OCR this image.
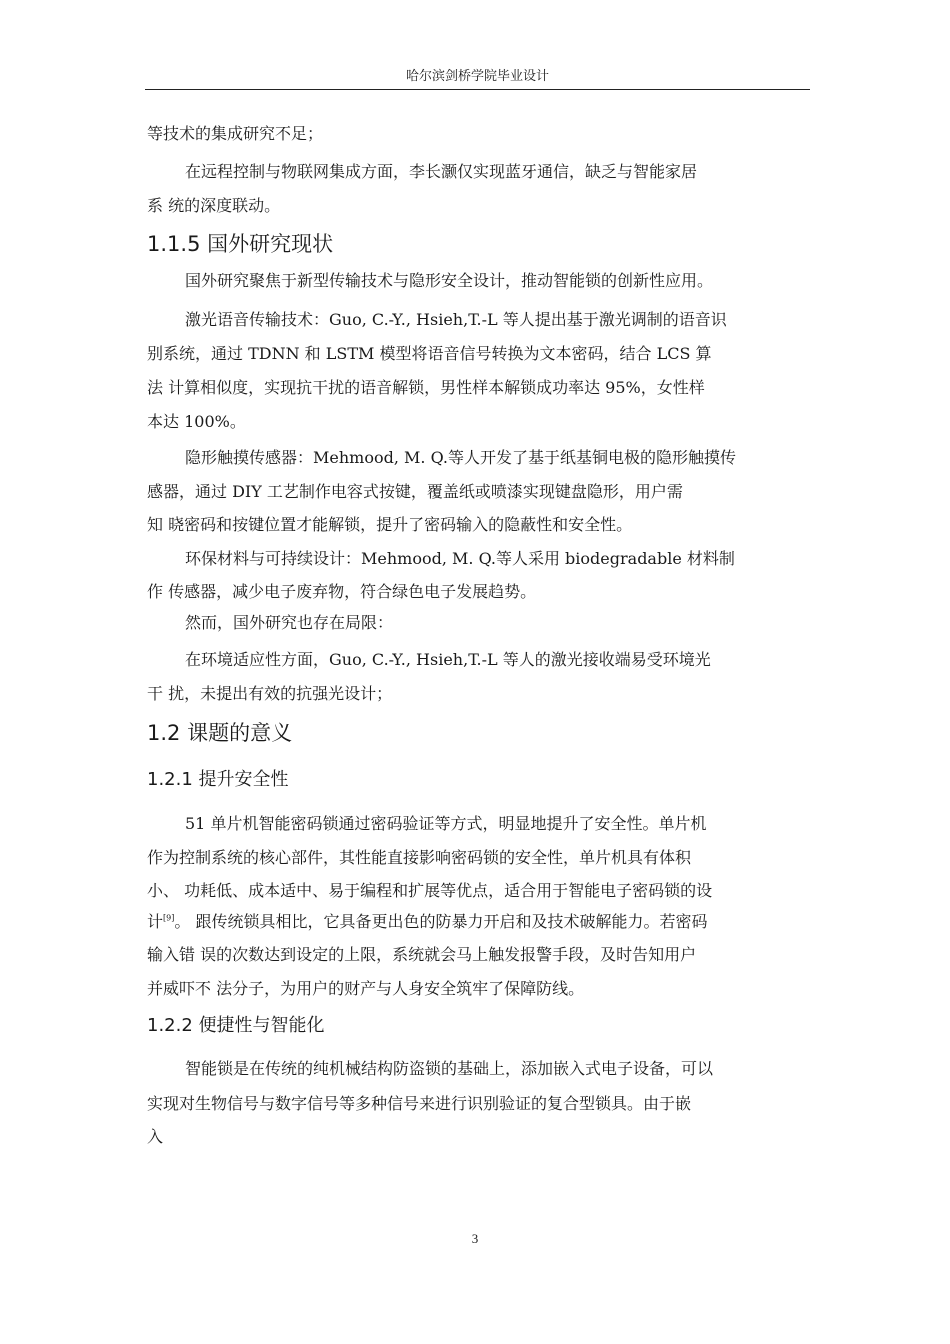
哈尔滨剑桥学院毕业设计
等技术的集成研究不足；
在远程控制与物联网集成方面，李长灏仅实现蓝牙通信，缺乏与智能家居
系 统的深度联动。
1.1.5 国外研究现状
国外研究聚焦于新型传输技术与隐形安全设计，推动智能锁的创新性应用。
激光语音传输技术：Guo, C.-Y., Hsieh,T.-L 等人提出基于激光调制的语音识
别系统，通过 TDNN 和 LSTM 模型将语音信号转换为文本密码，结合 LCS 算
法 计算相似度，实现抗干扰的语音解锁，男性样本解锁成功率达 95%，女性样
本达 100%。
隐形触摸传感器：Mehmood, M. Q.等人开发了基于纸基铜电极的隐形触摸传
感器，通过 DIY 工艺制作电容式按键，覆盖纸或喷漆实现键盘隐形，用户需
知 晓密码和按键位置才能解锁，提升了密码输入的隐蔽性和安全性。
环保材料与可持续设计：Mehmood, M. Q.等人采用 biodegradable 材料制
作 传感器，减少电子废弃物，符合绿色电子发展趋势。
然而，国外研究也存在局限：
在环境适应性方面，Guo, C.-Y., Hsieh,T.-L 等人的激光接收端易受环境光
干 扰，未提出有效的抗强光设计；
1.2 课题的意义
1.2.1 提升安全性
51 单片机智能密码锁通过密码验证等方式，明显地提升了安全性。单片机
作为控制系统的核心部件，其性能直接影响密码锁的安全性，单片机具有体积
小、 功耗低、成本适中、易于编程和扩展等优点，适合用于智能电子密码锁的设
计[9]。 跟传统锁具相比，它具备更出色的防暴力开启和及技术破解能力。若密码
输入错 误的次数达到设定的上限，系统就会马上触发报警手段，及时告知用户
并威吓不 法分子，为用户的财产与人身安全筑牢了保障防线。
1.2.2 便捷性与智能化
智能锁是在传统的纯机械结构防盗锁的基础上，添加嵌入式电子设备，可以
实现对生物信号与数字信号等多种信号来进行识别验证的复合型锁具。由于嵌
入
3
